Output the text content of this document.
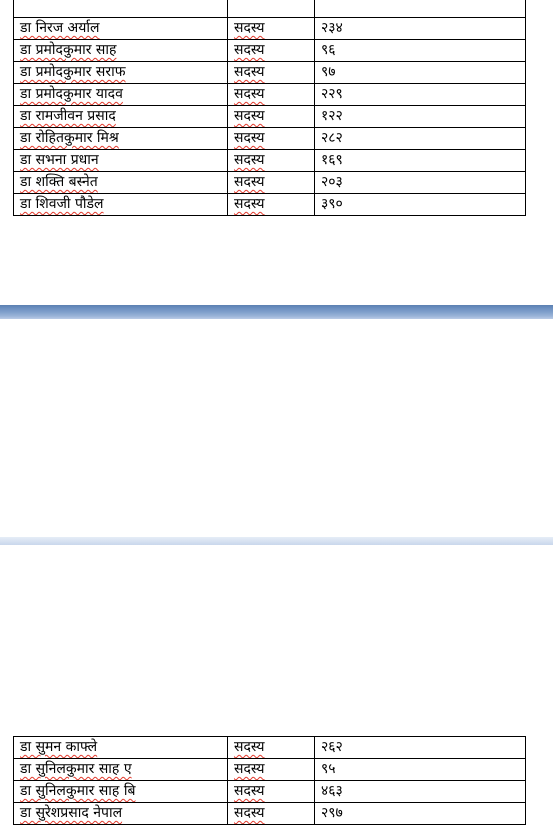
डा निरज अर्याल	सदस्य	२३४
डा प्रमोदकुमार साह	सदस्य	९६
डा प्रमोदकुमार सराफ	सदस्य	९७
डा प्रमोदकुमार यादव	सदस्य	२२९
डा रामजीवन प्रसाद	सदस्य	१२२
डा रोहितकुमार मिश्र	सदस्य	२८२
डा सभना प्रधान	सदस्य	१६९
डा शक्ति बस्नेत	सदस्य	२०३
डा शिवजी पौडेल	सदस्य	३९०
डा सुमन काफ्ले	सदस्य	२६२
डा सुनिलकुमार साह ए	सदस्य	९५
डा सुनिलकुमार साह बि	सदस्य	४६३
डा सुरेशप्रसाद नेपाल	सदस्य	२९७
